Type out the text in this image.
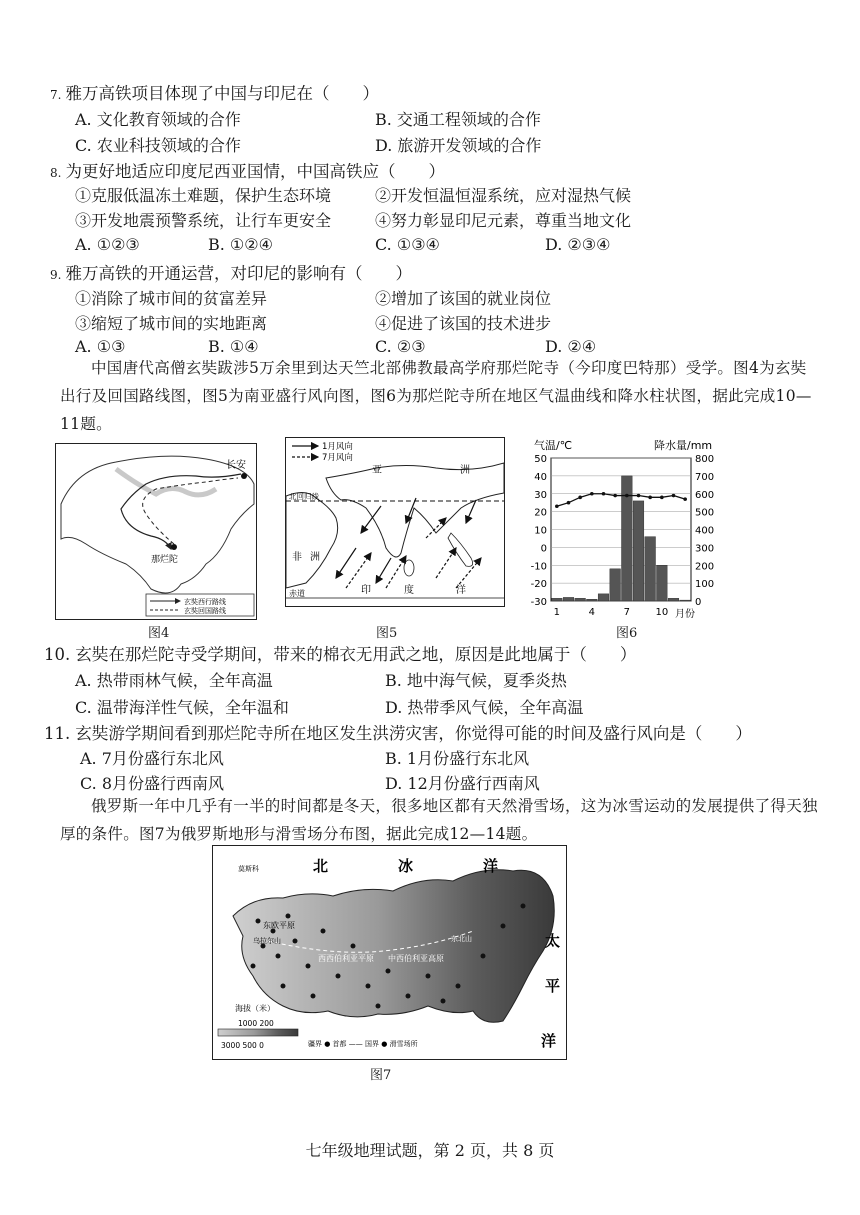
7. 雅万高铁项目体现了中国与印尼在（　　）
A. 文化教育领域的合作	B. 交通工程领域的合作
C. 农业科技领域的合作	D. 旅游开发领域的合作
8. 为更好地适应印度尼西亚国情，中国高铁应（　　）
①克服低温冻土难题，保护生态环境	②开发恒温恒湿系统，应对湿热气候
③开发地震预警系统，让行车更安全	④努力彰显印尼元素，尊重当地文化
A. ①②③	B. ①②④	C. ①③④	D. ②③④
9. 雅万高铁的开通运营，对印尼的影响有（　　）
①消除了城市间的贫富差异	②增加了该国的就业岗位
③缩短了城市间的实地距离	④促进了该国的技术进步
A. ①③	B. ①④	C. ②③	D. ②④
中国唐代高僧玄奘跋涉5万余里到达天竺北部佛教最高学府那烂陀寺（今印度巴特那）受学。图4为玄奘出行及回国路线图，图5为南亚盛行风向图，图6为那烂陀寺所在地区气温曲线和降水柱状图，据此完成10—11题。
长安
那烂陀
玄奘西行路线
玄奘回国路线
图4
1月风向
7月风向
亚	洲
北回归线
非 洲
赤道	印	度	洋
图5
气温/℃	降水量/mm
-30
-20
-10
0
10
20
30
40
50
0
100
200
300
400
500
600
700
800
1	4	7	10 月份
图6
10. 玄奘在那烂陀寺受学期间，带来的棉衣无用武之地，原因是此地属于（　　）
A. 热带雨林气候，全年高温	B. 地中海气候，夏季炎热
C. 温带海洋性气候，全年温和	D. 热带季风气候，全年高温
11. 玄奘游学期间看到那烂陀寺所在地区发生洪涝灾害，你觉得可能的时间及盛行风向是（　　）
A. 7月份盛行东北风	B. 1月份盛行东北风
C. 8月份盛行西南风	D. 12月份盛行西南风
俄罗斯一年中几乎有一半的时间都是冬天，很多地区都有天然滑雪场，这为冰雪运动的发展提供了得天独厚的条件。图7为俄罗斯地形与滑雪场分布图，据此完成12—14题。
北	冰	洋
太
平
洋
西西伯利亚平原 中西伯利亚高原
东欧平原
乌拉尔山
莫斯科
东北山
海拔（米）
1000 200
3000 500 0	疆界 ● 首都 —— 国界 ● 滑雪场所
图7
七年级地理试题，第 2 页，共 8 页
